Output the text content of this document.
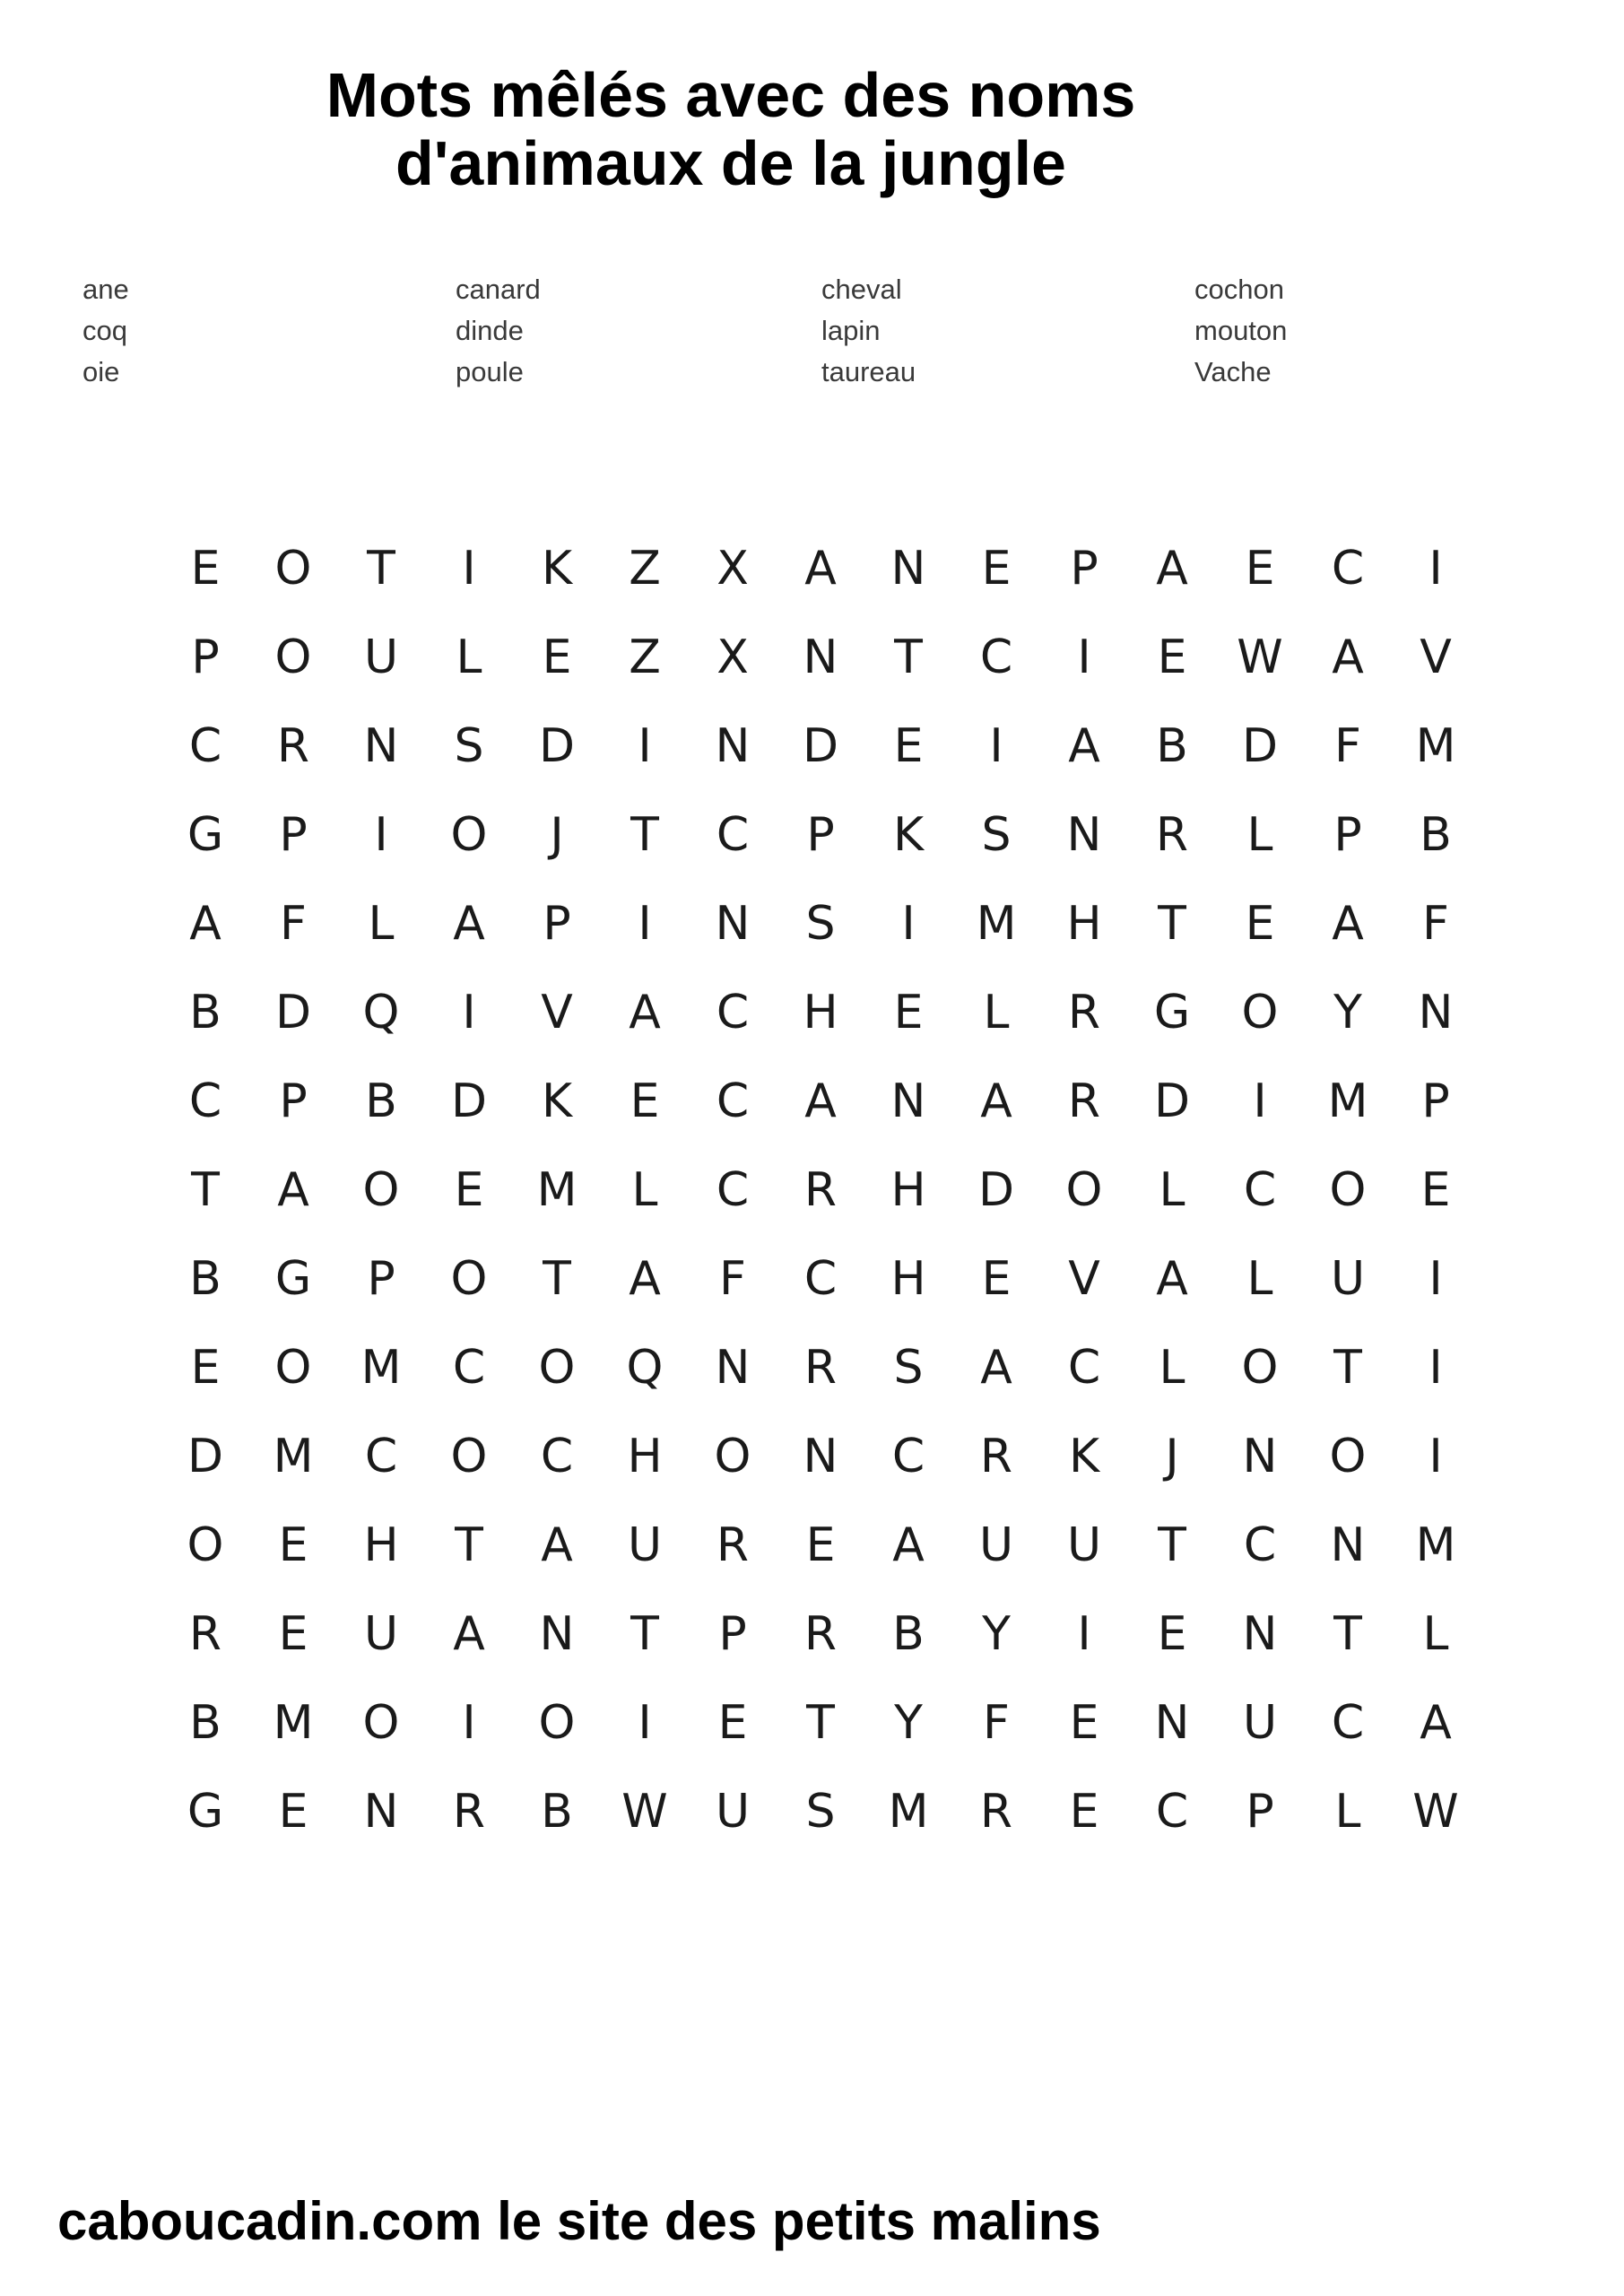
Mots mêlés avec des noms
d'animaux de la jungle
ane
coq
oie
canard
dinde
poule
cheval
lapin
taureau
cochon
mouton
Vache
E	O	T	I	K	Z	X	A	N	E	P	A	E	C	I
P	O	U	L	E	Z	X	N	T	C	I	E	W	A	V
C	R	N	S	D	I	N	D	E	I	A	B	D	F	M
G	P	I	O	J	T	C	P	K	S	N	R	L	P	B
A	F	L	A	P	I	N	S	I	M	H	T	E	A	F
B	D	Q	I	V	A	C	H	E	L	R	G	O	Y	N
C	P	B	D	K	E	C	A	N	A	R	D	I	M	P
T	A	O	E	M	L	C	R	H	D	O	L	C	O	E
B	G	P	O	T	A	F	C	H	E	V	A	L	U	I
E	O	M	C	O	Q	N	R	S	A	C	L	O	T	I
D	M	C	O	C	H	O	N	C	R	K	J	N	O	I
O	E	H	T	A	U	R	E	A	U	U	T	C	N	M
R	E	U	A	N	T	P	R	B	Y	I	E	N	T	L
B	M	O	I	O	I	E	T	Y	F	E	N	U	C	A
G	E	N	R	B	W	U	S	M	R	E	C	P	L	W

caboucadin.com le site des petits malins
